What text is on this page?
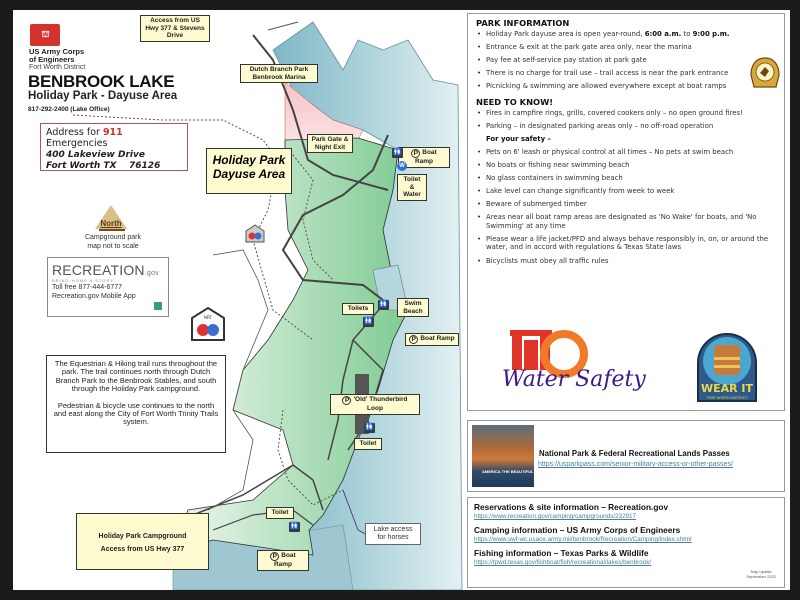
⛫
US Army Corps
of Engineers
Fort Worth District
BENBROOK LAKE
Holiday Park - Dayuse Area
817-292-2400 (Lake Office)
Address for 911 Emergencies
400 Lakeview Drive
Fort Worth TX    76126	Holiday Park
Dayuse Area
North
Campground park
map not to scale
RECREATION.gov
BRING HOME A STORY
Toll free 877-444-6777
Recreation.gov Mobile App
NRT

The Equestrian & Hiking trail runs throughout the park. The trail continues north through Dutch Branch Park to the Benbrook Stables, and south through the Holiday Park campground.

Pedestrian & bicycle use continues to the north and east along the City of Fort Worth Trinity Trails system.

Holiday Park Campground
Access from US Hwy 377
Access from US Hwy 377 & Stevens Drive
Dutch Branch Park
Benbrook Marina
Park Gate &
Night Exit
P Boat Ramp
🚻
W
Toilet &
Water
Toilets
🚻
🚻
Swim
Beach
P Boat Ramp
P 'Old' Thunderbird Loop
🚻
Toilet
Toilet
🚻
P Boat Ramp
Lake access
for horses
PARK INFORMATION
• Holiday Park dayuse area is open year-round, 6:00 a.m. to 9:00 p.m.
• Entrance & exit at the park gate area only, near the marina
• Pay fee at self-service pay station at park gate
• There is no charge for trail use – trail access is near the park entrance
• Picnicking & swimming are allowed everywhere except at boat ramps
NEED TO KNOW!
• Fires in campfire rings, grills, covered cookers only – no open ground fires!
• Parking – in designated parking areas only – no off-road operation
For your safety –
• Pets on 6' leash or physical control at all times – No pets at swim beach
• No boats or fishing near swimming beach
• No glass containers in swimming beach
• Lake level can change significantly from week to week
• Beware of submerged timber
• Areas near all boat ramp areas are designated as 'No Wake' for boats, and 'No Swimming' at any time
• Please wear a life jacket/PFD and always behave responsibly in, on, or around the water, and in accord with regulations & Texas State laws
• Bicyclists must obey all traffic rules
Water Safety	WEAR IT
FORT WORTH DISTRICT
AMERICA THE BEAUTIFUL
National Park & Federal Recreational Lands Passes
https://usparkpass.com/senior-military-access-or-other-passes/
Reservations & site information – Recreation.gov
https://www.recreation.gov/camping/campgrounds/232917
Camping information – US Army Corps of Engineers
https://www.swf-wc.usace.army.mil/benbrook/Recreation/Camping/index.shtml
Fishing information – Texas Parks & Wildlife
https://tpwd.texas.gov/fishboat/fish/recreational/lakes/benbrook/
Map update
September 2022
